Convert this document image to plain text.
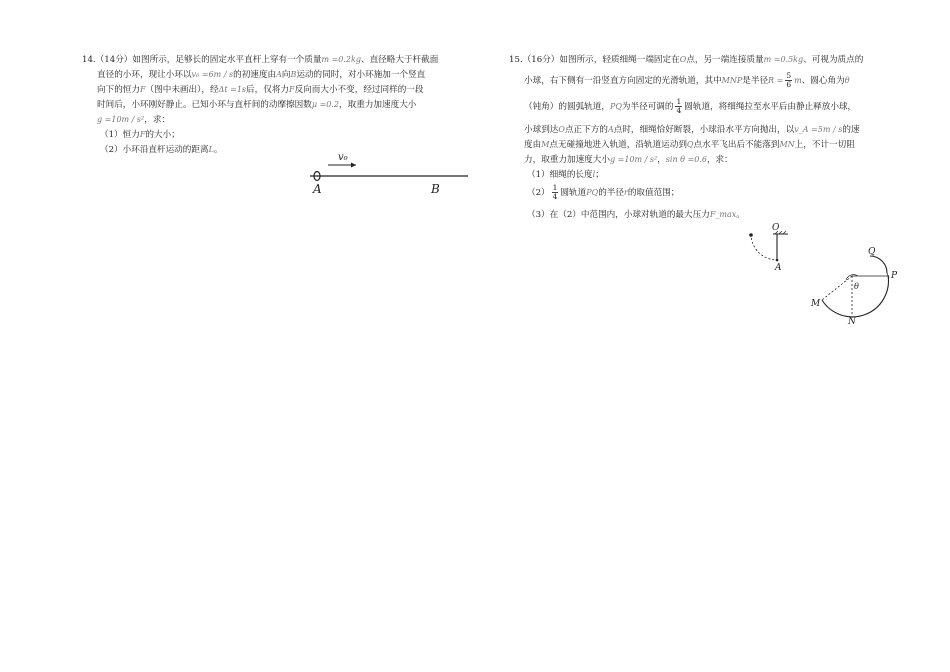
14.（14分）如图所示，足够长的固定水平直杆上穿有一个质量m =0.2kg、直径略大于杆截面
直径的小环，现让小环以v₀ =6m / s的初速度由A向B运动的同时，对小环施加一个竖直
向下的恒力F（图中未画出），经Δt =1s后，仅将力F反向而大小不变，经过同样的一段
时间后，小环刚好静止。已知小环与直杆间的动摩擦因数μ =0.2，取重力加速度大小
g =10m / s²，求：
（1）恒力F的大小；
（2）小环沿直杆运动的距离L。
v₀
A	B
15.（16分）如图所示，轻质细绳一端固定在O点，另一端连接质量m =0.5kg、可视为质点的
小球，右下侧有一沿竖直方向固定的光滑轨道，其中MNP是半径$R = \frac{5}{6}$ m、圆心角为θ
（钝角）的圆弧轨道，PQ为半径可调的 $\frac{1}{4}$ 圆轨道，将细绳拉至水平后由静止释放小球，
小球到达O点正下方的A点时，细绳恰好断裂，小球沿水平方向抛出，以v_A =5m / s的速
度由M点无碰撞地进入轨道，沿轨道运动到Q点水平飞出后不能落到MN上，不计一切阻
力，取重力加速度大小g =10m / s²，sin θ =0.6，求：
（1）细绳的长度l；
$(2) \frac{1}{4}$ 圆轨道PQ的半径r的取值范围；
（3）在（2）中范围内，小球对轨道的最大压力F_max。
O
A
θ
Q
P
M
N
